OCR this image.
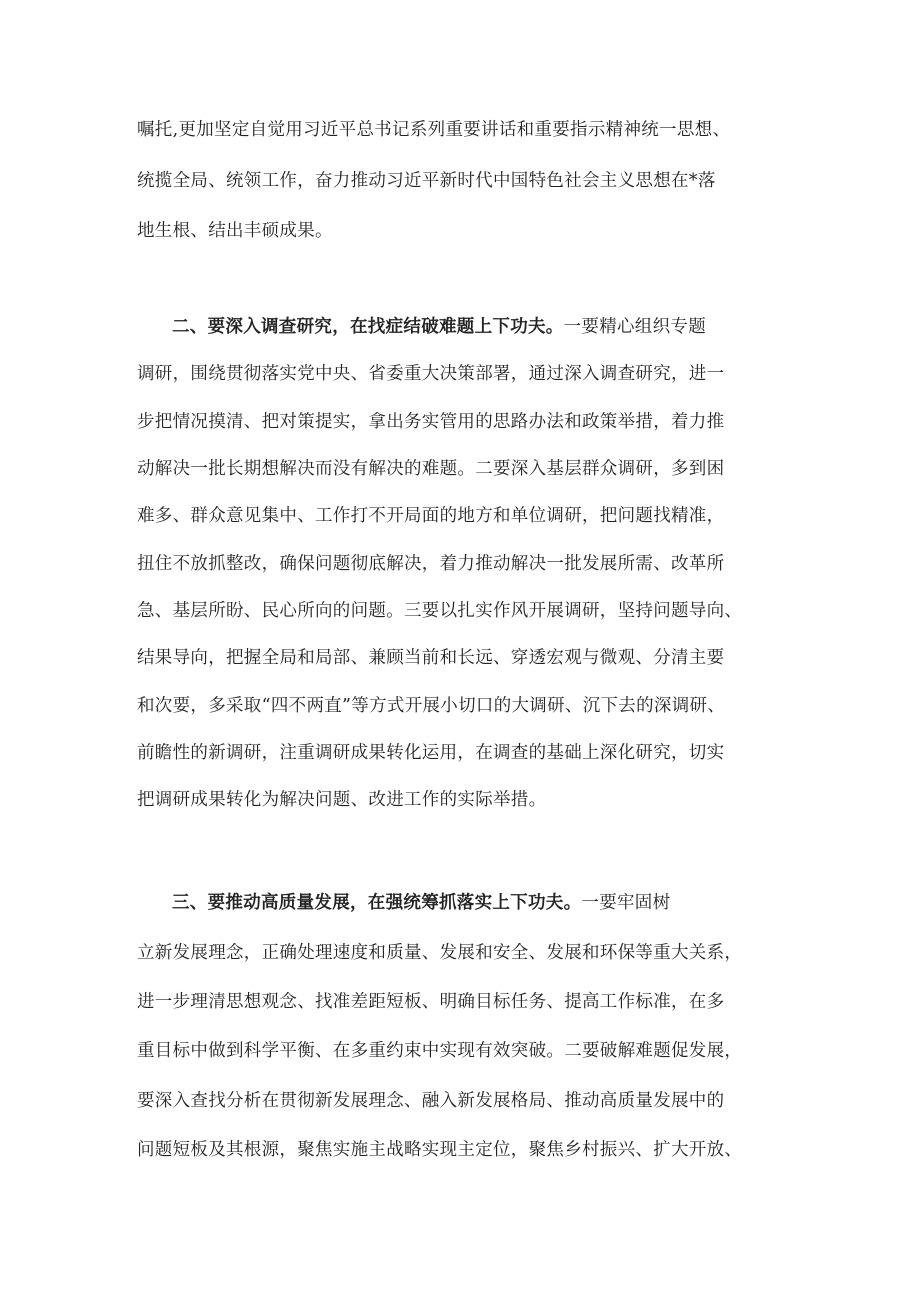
嘱托,更加坚定自觉用习近平总书记系列重要讲话和重要指示精神统一思想、
统揽全局、统领工作，奋力推动习近平新时代中国特色社会主义思想在*落
地生根、结出丰硕成果。
二、要深入调查研究，在找症结破难题上下功夫。一要精心组织专题
调研，围绕贯彻落实党中央、省委重大决策部署，通过深入调查研究，进一
步把情况摸清、把对策提实，拿出务实管用的思路办法和政策举措，着力推
动解决一批长期想解决而没有解决的难题。二要深入基层群众调研，多到困
难多、群众意见集中、工作打不开局面的地方和单位调研，把问题找精准，
扭住不放抓整改，确保问题彻底解决，着力推动解决一批发展所需、改革所
急、基层所盼、民心所向的问题。三要以扎实作风开展调研，坚持问题导向、
结果导向，把握全局和局部、兼顾当前和长远、穿透宏观与微观、分清主要
和次要，多采取“四不两直”等方式开展小切口的大调研、沉下去的深调研、
前瞻性的新调研，注重调研成果转化运用，在调查的基础上深化研究，切实
把调研成果转化为解决问题、改进工作的实际举措。
三、要推动高质量发展，在强统筹抓落实上下功夫。一要牢固树
立新发展理念，正确处理速度和质量、发展和安全、发展和环保等重大关系，
进一步理清思想观念、找准差距短板、明确目标任务、提高工作标准，在多
重目标中做到科学平衡、在多重约束中实现有效突破。二要破解难题促发展，
要深入查找分析在贯彻新发展理念、融入新发展格局、推动高质量发展中的
问题短板及其根源，聚焦实施主战略实现主定位，聚焦乡村振兴、扩大开放、
